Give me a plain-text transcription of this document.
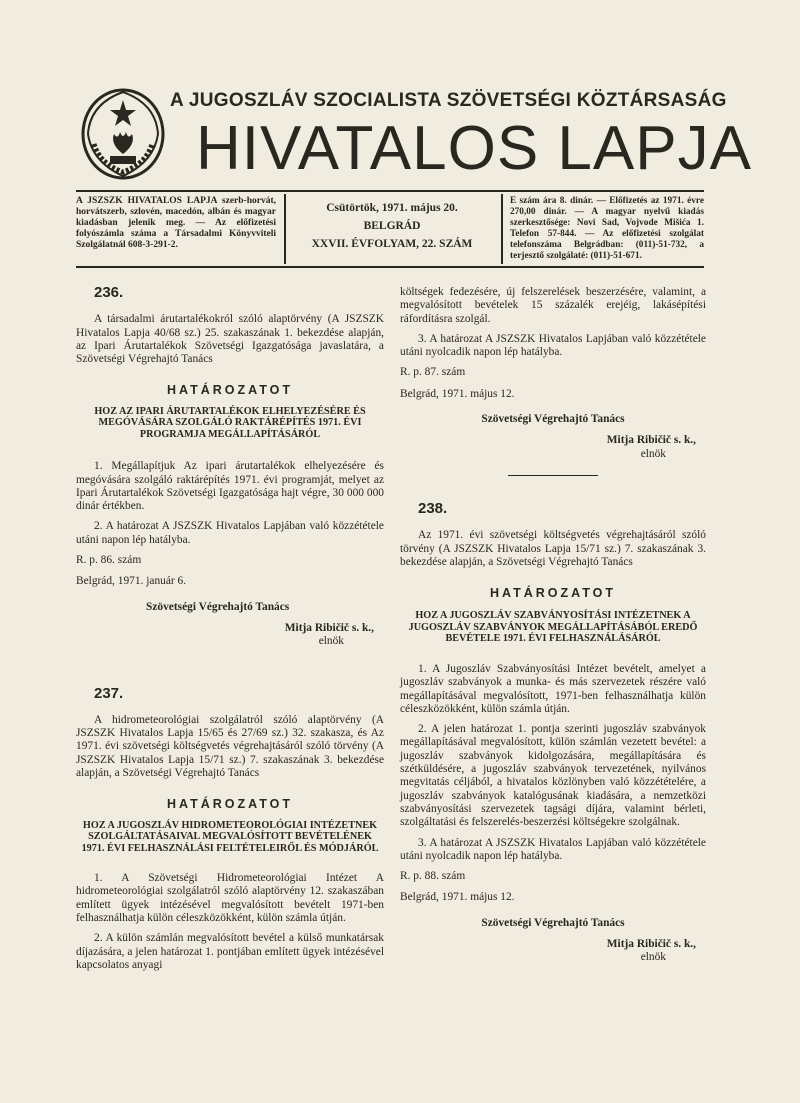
A JUGOSZLÁV SZOCIALISTA SZÖVETSÉGI KÖZTÁRSASÁG
HIVATALOS LAPJA
A JSZSZK HIVATALOS LAPJA szerb-horvát, horvátszerb, szlovén, macedón, albán és magyar kiadásban jelenik meg. — Az előfizetési folyószámla száma a Társadalmi Könyvviteli Szolgálatnál 608-3-291-2.
Csütörtök, 1971. május 20.
BELGRÁD
XXVII. ÉVFOLYAM, 22. SZÁM
E szám ára 8. dinár. — Előfizetés az 1971. évre 270,00 dinár. — A magyar nyelvű kiadás szerkesztősége: Novi Sad, Vojvode Mišića 1. Telefon 57-844. — Az előfizetési szolgálat telefonszáma Belgrádban: (011)-51-732, a terjesztő szolgálaté: (011)-51-671.
236.

A társadalmi árutartalékokról szóló alaptörvény (A JSZSZK Hivatalos Lapja 40/68 sz.) 25. szakaszának 1. bekezdése alapján, az Ipari Árutartalékok Szövetségi Igazgatósága javaslatára, a Szövetségi Végrehajtó Tanács

HATÁROZATOT
HOZ AZ IPARI ÁRUTARTALÉKOK ELHELYEZÉSÉRE ÉS MEGÓVÁSÁRA SZOLGÁLÓ RAKTÁRÉPÍTÉS 1971. ÉVI PROGRAMJA MEGÁLLAPÍTÁSÁRÓL

1. Megállapítjuk Az ipari árutartalékok elhelyezésére és megóvására szolgáló raktárépítés 1971. évi programját, melyet az Ipari Árutartalékok Szövetségi Igazgatósága hajt végre, 30 000 000 dinár értékben.

2. A határozat A JSZSZK Hivatalos Lapjában való közzététele utáni napon lép hatályba.

R. p. 86. szám
Belgrád, 1971. január 6.
Szövetségi Végrehajtó Tanács
Mitja Ribičič s. k.,
elnök
237.

A hidrometeorológiai szolgálatról szóló alaptörvény (A JSZSZK Hivatalos Lapja 15/65 és 27/69 sz.) 32. szakasza, és Az 1971. évi szövetségi költségvetés végrehajtásáról szóló törvény (A JSZSZK Hivatalos Lapja 15/71 sz.) 7. szakaszának 3. bekezdése alapján, a Szövetségi Végrehajtó Tanács

HATÁROZATOT
HOZ A JUGOSZLÁV HIDROMETEOROLÓGIAI INTÉZETNEK SZOLGÁLTATÁSAIVAL MEGVALÓSÍTOTT BEVÉTELÉNEK 1971. ÉVI FELHASZNÁLÁSI FELTÉTELEIRŐL ÉS MÓDJÁRÓL

1. A Szövetségi Hidrometeorológiai Intézet A hidrometeorológiai szolgálatról szóló alaptörvény 12. szakaszában említett ügyek intézésével megvalósított bevételt 1971-ben felhasználhatja külön céleszközökként, külön számla útján.

2. A külön számlán megvalósított bevétel a külső munkatársak díjazására, a jelen határozat 1. pontjában említett ügyek intézésével kapcsolatos anyagi

költségek fedezésére, új felszerelések beszerzésére, valamint, a megvalósított bevételek 15 százalék erejéig, lakásépítési ráfordításra szolgál.

3. A határozat A JSZSZK Hivatalos Lapjában való közzététele utáni nyolcadik napon lép hatályba.

R. p. 87. szám
Belgrád, 1971. május 12.
Szövetségi Végrehajtó Tanács
Mitja Ribičič s. k.,
elnök
238.

Az 1971. évi szövetségi költségvetés végrehajtásáról szóló törvény (A JSZSZK Hivatalos Lapja 15/71 sz.) 7. szakaszának 3. bekezdése alapján, a Szövetségi Végrehajtó Tanács

HATÁROZATOT
HOZ A JUGOSZLÁV SZABVÁNYOSÍTÁSI INTÉZETNEK A JUGOSZLÁV SZABVÁNYOK MEGÁLLAPÍTÁSÁBÓL EREDŐ BEVÉTELE 1971. ÉVI FELHASZNÁLÁSÁRÓL

1. A Jugoszláv Szabványosítási Intézet bevételt, amelyet a jugoszláv szabványok a munka- és más szervezetek részére való megállapításával megvalósított, 1971-ben felhasználhatja külön céleszközökként, külön számla útján.

2. A jelen határozat 1. pontja szerinti jugoszláv szabványok megállapításával megvalósított, külön számlán vezetett bevétel: a jugoszláv szabványok kidolgozására, megállapítására és szétküldésére, a jugoszláv szabványok tervezetének, nyilvános megvitatás céljából, a hivatalos közlönyben való közzétételére, a jugoszláv szabványok katalógusának kiadására, a nemzetközi szabványosítási szervezetek tagsági díjára, valamint bérleti, szolgáltatási és felszerelés-beszerzési költségekre szolgálnak.

3. A határozat A JSZSZK Hivatalos Lapjában való közzététele utáni nyolcadik napon lép hatályba.

R. p. 88. szám
Belgrád, 1971. május 12.
Szövetségi Végrehajtó Tanács
Mitja Ribičič s. k.,
elnök
